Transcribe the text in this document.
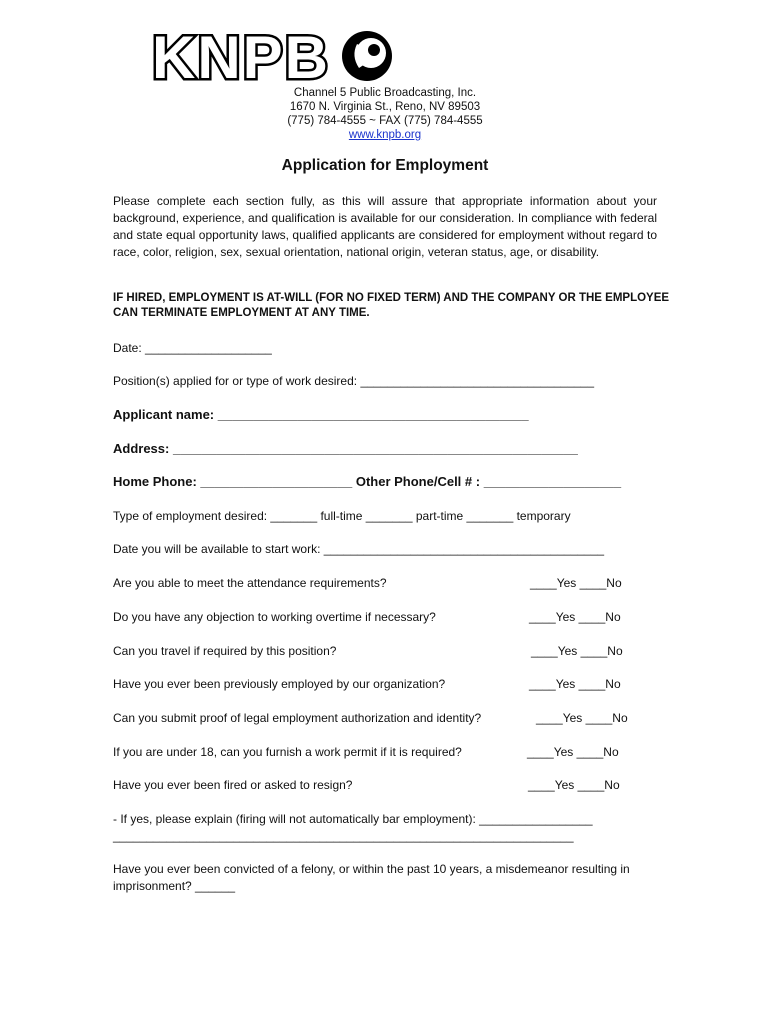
KNPB
Channel 5 Public Broadcasting, Inc.
1670 N. Virginia St., Reno, NV 89503
(775) 784-4555 ~ FAX (775) 784-4555
www.knpb.org
Application for Employment
Please complete each section fully, as this will assure that appropriate information about your background, experience, and qualification is available for our consideration. In compliance with federal and state equal opportunity laws, qualified applicants are considered for employment without regard to race, color, religion, sex, sexual orientation, national origin, veteran status, age, or disability.
IF HIRED, EMPLOYMENT IS AT-WILL (FOR NO FIXED TERM) AND THE COMPANY OR THE EMPLOYEE CAN TERMINATE EMPLOYMENT AT ANY TIME.
Date: ___________________
Position(s) applied for or type of work desired: ___________________________________
Applicant name: ___________________________________________
Address: ________________________________________________________
Home Phone: _____________________ Other Phone/Cell # : ___________________
Type of employment desired: _______ full-time _______ part-time _______ temporary
Date you will be available to start work: __________________________________________
Are you able to meet the attendance requirements?	____Yes ____No
Do you have any objection to working overtime if necessary?	____Yes ____No
Can you travel if required by this position?	____Yes ____No
Have you ever been previously employed by our organization?	____Yes ____No
Can you submit proof of legal employment authorization and identity?	____Yes ____No
If you are under 18, can you furnish a work permit if it is required?	____Yes ____No
Have you ever been fired or asked to resign?	____Yes ____No
- If yes, please explain (firing will not automatically bar employment): _________________
_____________________________________________________________________
Have you ever been convicted of a felony, or within the past 10 years, a misdemeanor resulting in imprisonment? ______
